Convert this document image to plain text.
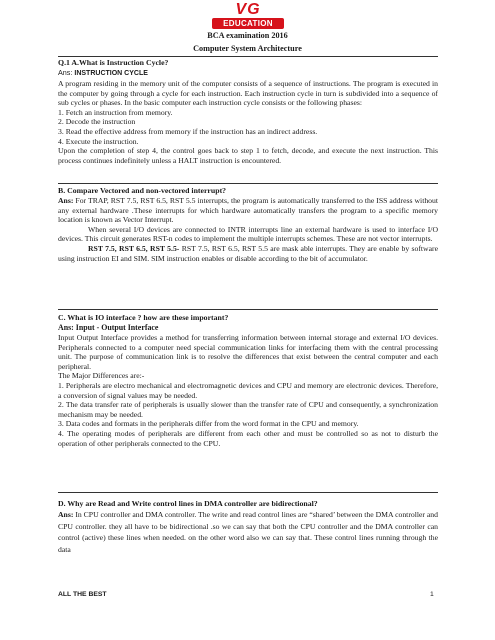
VG
EDUCATION
BCA examination 2016
Computer System Architecture

Q.1 A.What is Instruction Cycle?

Ans: INSTRUCTION CYCLE

A program residing in the memory unit of the computer consists of a sequence of instructions. The program is executed in the computer by going through a cycle for each instruction. Each instruction cycle in turn is subdivided into a sequence of sub cycles or phases. In the basic computer each instruction cycle consists or the following phases:

1. Fetch an instruction from memory.

2. Decode the instruction

3. Read the effective address from memory if the instruction has an indirect address.

4. Execute the instruction.

Upon the completion of step 4, the control goes back to step 1 to fetch, decode, and execute the next instruction. This process continues indefinitely unless a HALT instruction is encountered.

B. Compare Vectored and non-vectored interrupt?

Ans: For TRAP, RST 7.5, RST 6.5, RST 5.5 interrupts, the program is automatically transferred to the ISS address without any external hardware .These interrupts for which hardware automatically transfers the program to a specific memory location is known as Vector Interrupt.

When several I/O devices are connected to INTR interrupts line an external hardware is used to interface I/O devices. This circuit generates RST-n codes to implement the multiple interrupts schemes. These are not vector interrupts.

RST 7.5, RST 6.5, RST 5.5- RST 7.5, RST 6.5, RST 5.5 are mask able interrupts. They are enable by software using instruction EI and SIM. SIM instruction enables or disable according to the bit of accumulator.

C. What is IO interface ? how are these important?

Ans: Input - Output Interface

Input Output Interface provides a method for transferring information between internal storage and external I/O devices. Peripherals connected to a computer need special communication links for interfacing them with the central processing unit. The purpose of communication link is to resolve the differences that exist between the central computer and each peripheral.

The Major Differences are:-

1. Peripherals are electro mechanical and electromagnetic devices and CPU and memory are electronic devices. Therefore, a conversion of signal values may be needed.

2. The data transfer rate of peripherals is usually slower than the transfer rate of CPU and consequently, a synchronization mechanism may be needed.

3. Data codes and formats in the peripherals differ from the word format in the CPU and memory.

4. The operating modes of peripherals are different from each other and must be controlled so as not to disturb the operation of other peripherals connected to the CPU.

D. Why are Read and Write control lines in DMA controller are bidirectional?

Ans: In CPU controller and DMA controller. The write and read control lines are “shared’ between the DMA controller and CPU controller. they all have to be bidirectional .so we can say that both the CPU controller and the DMA controller can control (active) these lines when needed. on the other word also we can say that. These control lines running through the data

ALL THE BEST	1
